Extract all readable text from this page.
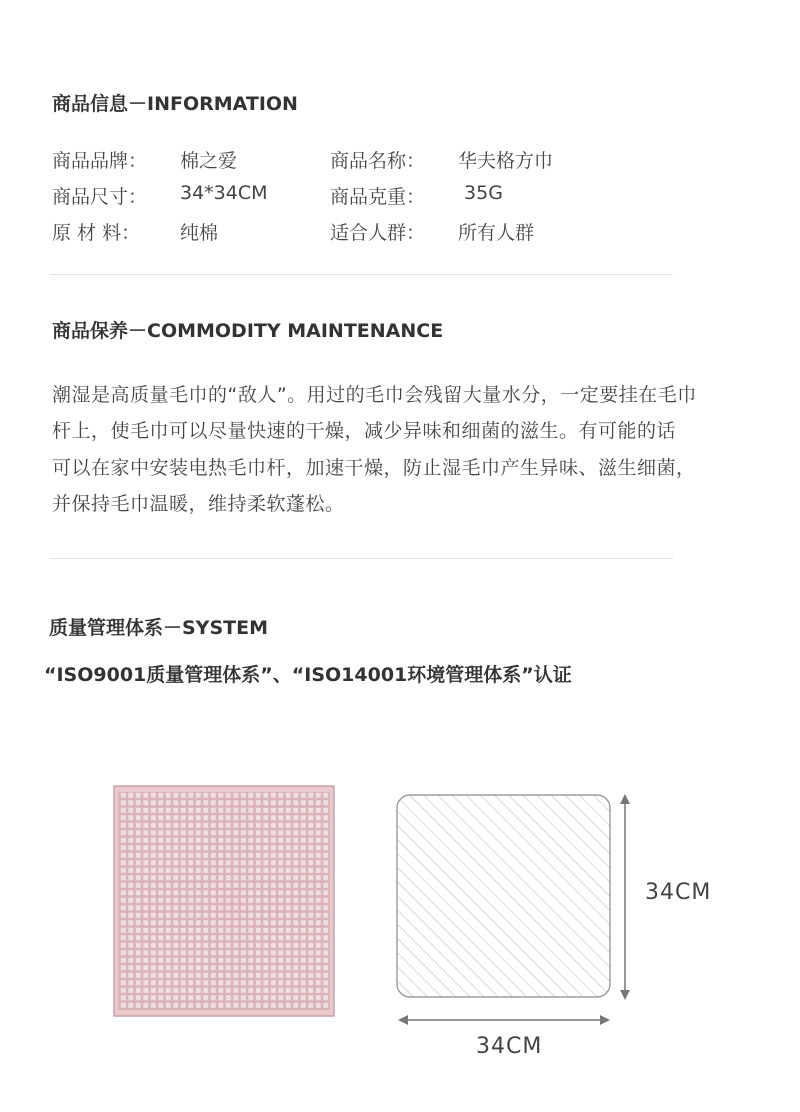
商品信息－INFORMATION
商品品牌： 棉之爱	商品名称： 华夫格方巾
商品尺寸： 34*34CM	商品克重： 35G
原 材 料： 纯棉	适合人群： 所有人群
商品保养－COMMODITY MAINTENANCE
潮湿是高质量毛巾的“敌人”。用过的毛巾会残留大量水分，一定要挂在毛巾
杆上，使毛巾可以尽量快速的干燥，减少异味和细菌的滋生。有可能的话
可以在家中安装电热毛巾杆，加速干燥，防止湿毛巾产生异味、滋生细菌，
并保持毛巾温暖，维持柔软蓬松。
质量管理体系－SYSTEM
“ISO9001质量管理体系”、“ISO14001环境管理体系”认证
34CM
34CM
